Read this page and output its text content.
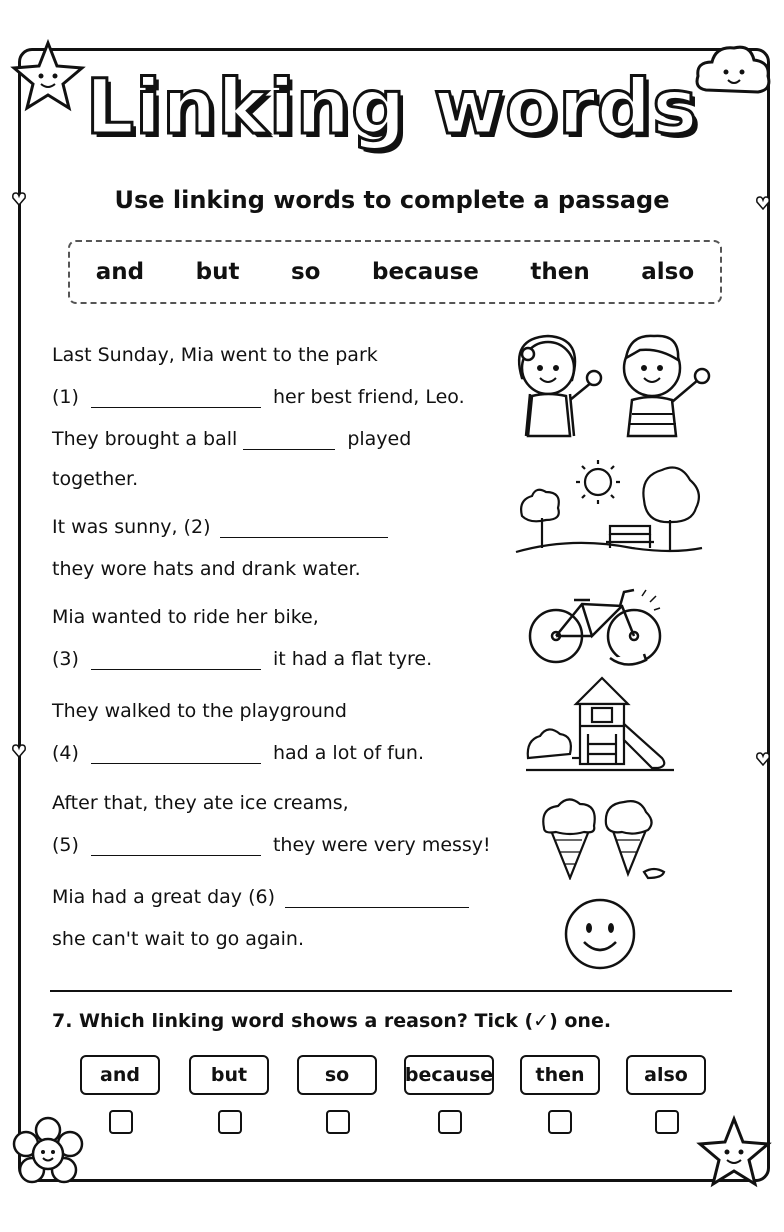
Linking words
Use linking words to complete a passage
and but so because then also
Last Sunday, Mia went to the park
(1)	her best friend, Leo.
They brought a ball	played
together.
It was sunny, (2)
they wore hats and drank water.
Mia wanted to ride her bike,
(3)	it had a flat tyre.
They walked to the playground
(4)	had a lot of fun.
After that, they ate ice creams,
(5)	they were very messy!
Mia had a great day (6)
she can't wait to go again.
7. Which linking word shows a reason? Tick (✓) one.
and	but	so	because	then	also
